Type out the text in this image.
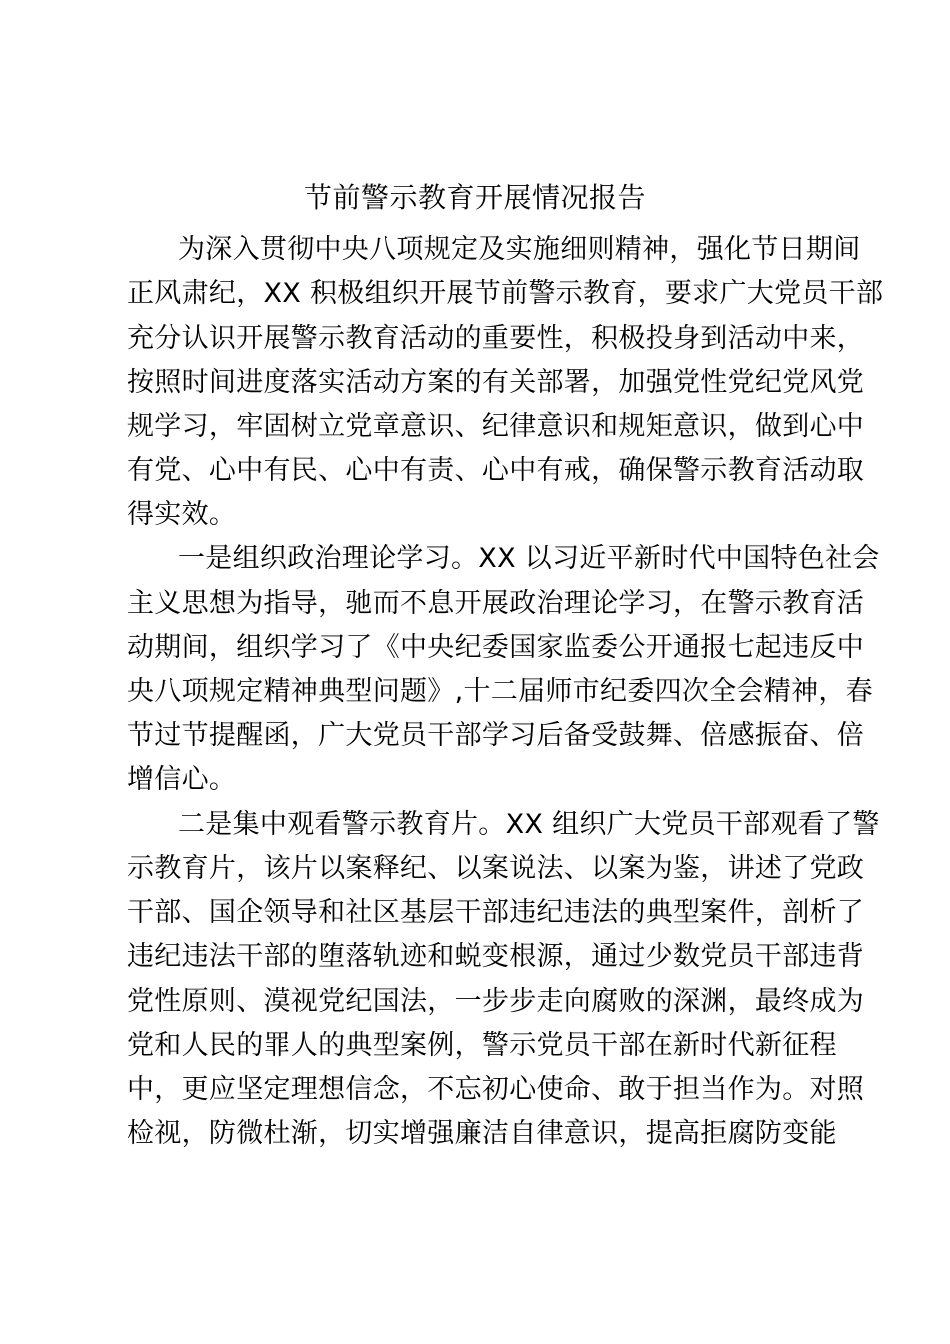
节前警示教育开展情况报告

为深入贯彻中央八项规定及实施细则精神，强化节日期间

正风肃纪，XX 积极组织开展节前警示教育，要求广大党员干部

充分认识开展警示教育活动的重要性，积极投身到活动中来，

按照时间进度落实活动方案的有关部署，加强党性党纪党风党

规学习，牢固树立党章意识、纪律意识和规矩意识，做到心中

有党、心中有民、心中有责、心中有戒，确保警示教育活动取

得实效。

一是组织政治理论学习。XX 以习近平新时代中国特色社会

主义思想为指导，驰而不息开展政治理论学习，在警示教育活

动期间，组织学习了《中央纪委国家监委公开通报七起违反中

央八项规定精神典型问题》,十二届师市纪委四次全会精神，春

节过节提醒函，广大党员干部学习后备受鼓舞、倍感振奋、倍

增信心。

二是集中观看警示教育片。XX 组织广大党员干部观看了警

示教育片，该片以案释纪、以案说法、以案为鉴，讲述了党政

干部、国企领导和社区基层干部违纪违法的典型案件，剖析了

违纪违法干部的堕落轨迹和蜕变根源，通过少数党员干部违背

党性原则、漠视党纪国法，一步步走向腐败的深渊，最终成为

党和人民的罪人的典型案例，警示党员干部在新时代新征程

中，更应坚定理想信念，不忘初心使命、敢于担当作为。对照

检视，防微杜渐，切实增强廉洁自律意识，提高拒腐防变能
